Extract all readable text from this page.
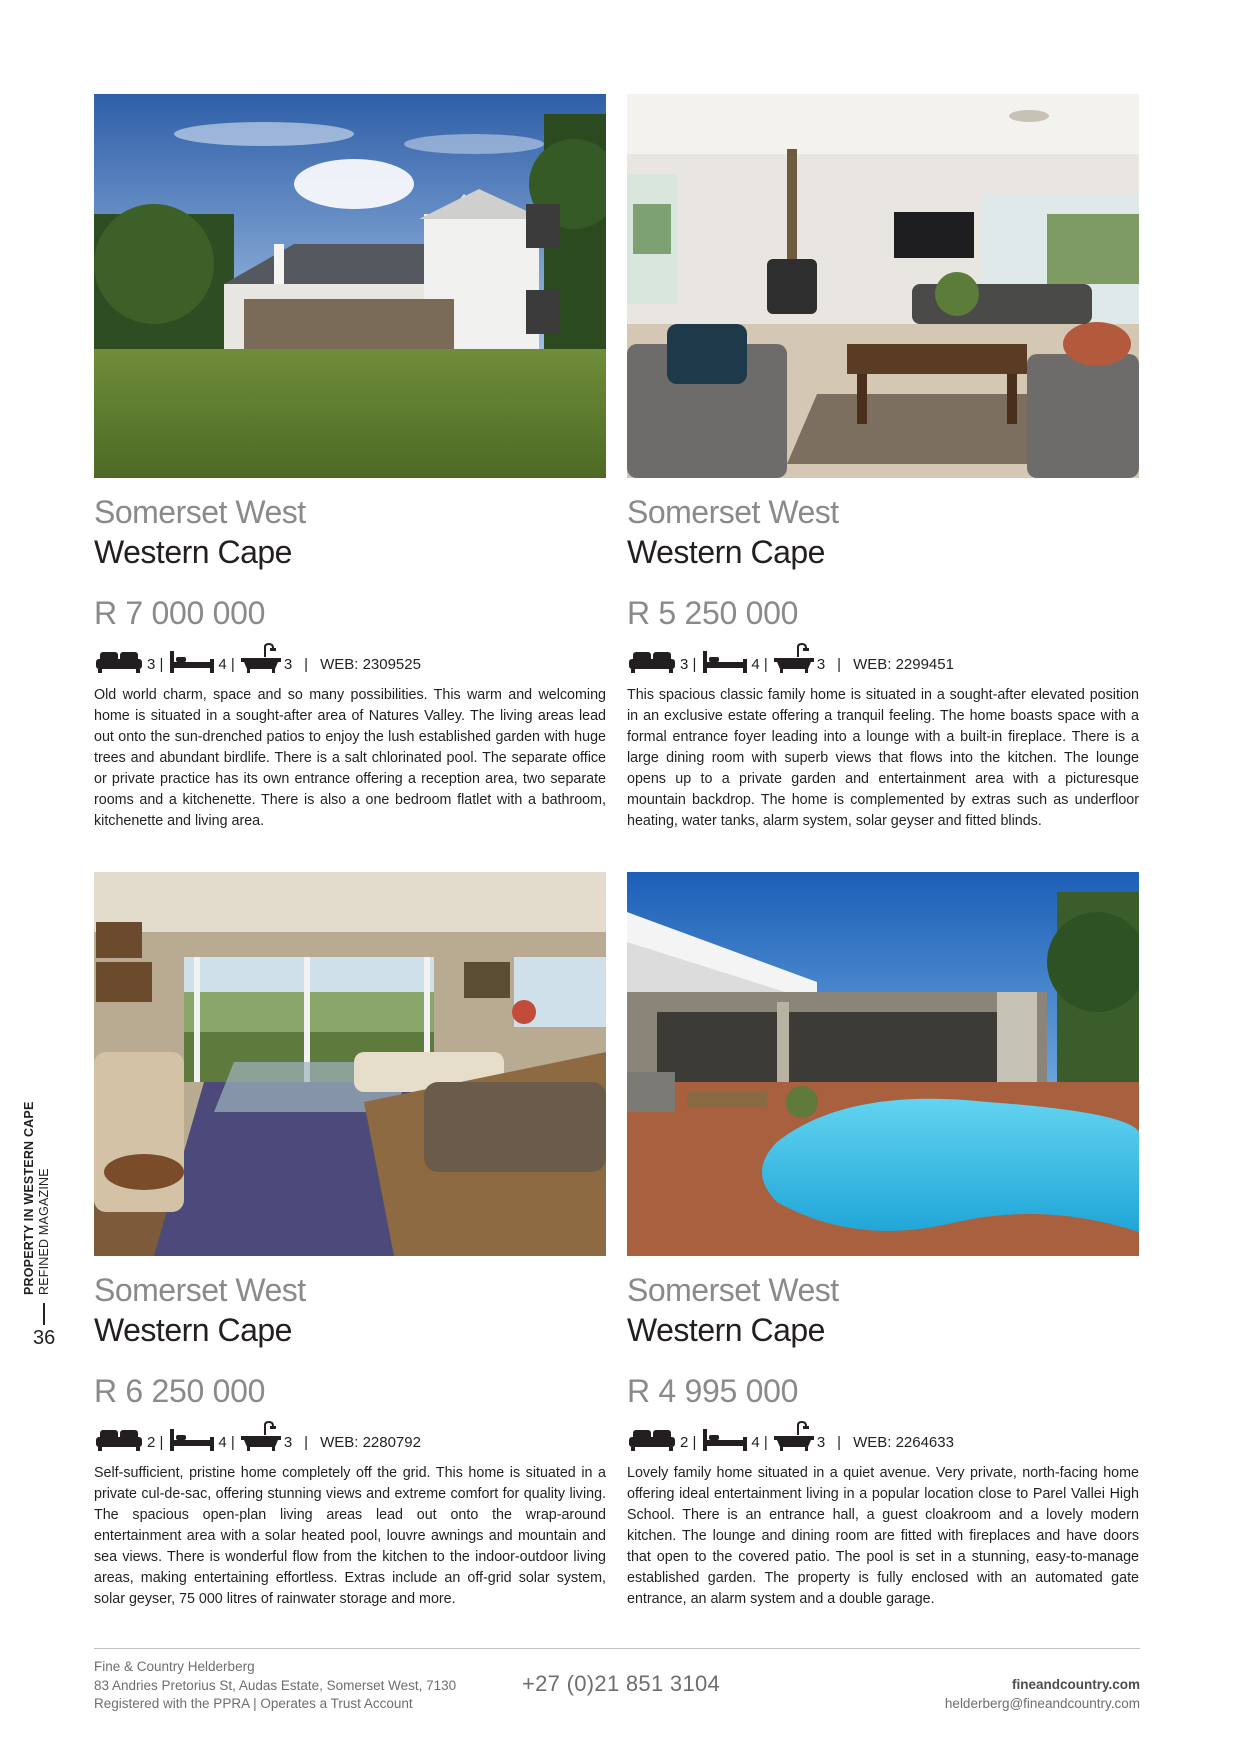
Somerset West
Western Cape
R 7 000 000
3 |	4 |	3 | WEB: 2309525

Old world charm, space and so many possibilities. This warm and welcoming home is situated in a sought-after area of Natures Valley. The living areas lead out onto the sun-drenched patios to enjoy the lush established garden with huge trees and abundant birdlife. There is a salt chlorinated pool. The separate office or private practice has its own entrance offering a reception area, two separate rooms and a kitchenette. There is also a one bedroom flatlet with a bathroom, kitchenette and living area.

Somerset West
Western Cape
R 5 250 000
3 |	4 |	3 | WEB: 2299451

This spacious classic family home is situated in a sought-after elevated position in an exclusive estate offering a tranquil feeling. The home boasts space with a formal entrance foyer leading into a lounge with a built-in fireplace. There is a large dining room with superb views that flows into the kitchen. The lounge opens up to a private garden and entertainment area with a picturesque mountain backdrop. The home is complemented by extras such as underfloor heating, water tanks, alarm system, solar geyser and fitted blinds.

Somerset West
Western Cape
R 6 250 000
2 |	4 |	3 | WEB: 2280792

Self-sufficient, pristine home completely off the grid. This home is situated in a private cul-de-sac, offering stunning views and extreme comfort for quality living. The spacious open-plan living areas lead out onto the wrap-around entertainment area with a solar heated pool, louvre awnings and mountain and sea views. There is wonderful flow from the kitchen to the indoor-outdoor living areas, making entertaining effortless. Extras include an off-grid solar system, solar geyser, 75 000 litres of rainwater storage and more.

Somerset West
Western Cape
R 4 995 000
2 |	4 |	3 | WEB: 2264633

Lovely family home situated in a quiet avenue. Very private, north-facing home offering ideal entertainment living in a popular location close to Parel Vallei High School. There is an entrance hall, a guest cloakroom and a lovely modern kitchen. The lounge and dining room are fitted with fireplaces and have doors that open to the covered patio. The pool is set in a stunning, easy-to-manage established garden. The property is fully enclosed with an automated gate entrance, an alarm system and a double garage.

PROPERTY IN WESTERN CAPE REFINED MAGAZINE
36
Fine & Country Helderberg
83 Andries Pretorius St, Audas Estate, Somerset West, 7130
Registered with the PPRA | Operates a Trust Account
+27 (0)21 851 3104	fineandcountry.com
helderberg@fineandcountry.com
